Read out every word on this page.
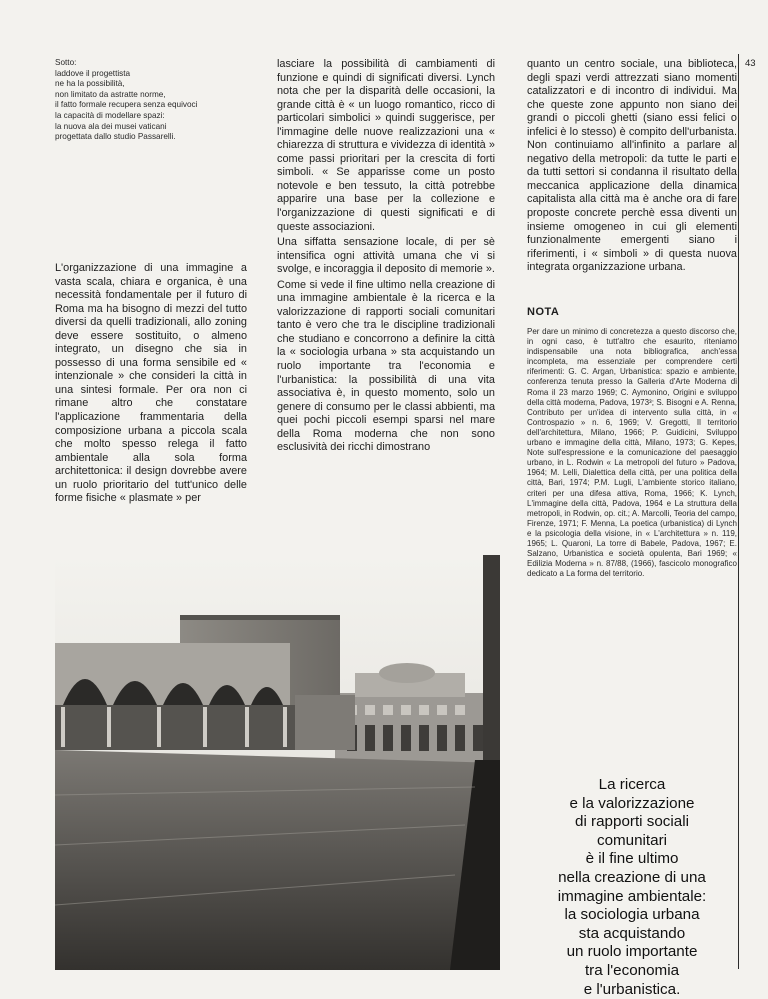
43
Sotto:
laddove il progettista
ne ha la possibilità,
non limitato da astratte norme,
il fatto formale recupera senza equivoci
la capacità di modellare spazi:
la nuova ala dei musei vaticani
progettata dallo studio Passarelli.

L'organizzazione di una immagine a vasta scala, chiara e organica, è una necessità fondamentale per il futuro di Roma ma ha bisogno di mezzi del tutto diversi da quelli tradizionali, allo zoning deve essere sostituito, o almeno integrato, un disegno che sia in possesso di una forma sensibile ed « intenzionale » che consideri la città in una sintesi formale. Per ora non ci rimane altro che constatare l'applicazione frammentaria della composizione urbana a piccola scala che molto spesso relega il fatto ambientale alla sola forma architettonica: il design dovrebbe avere un ruolo prioritario del tutt'unico delle forme fisiche « plasmate » per

lasciare la possibilità di cambiamenti di funzione e quindi di significati diversi. Lynch nota che per la disparità delle occasioni, la grande città è « un luogo romantico, ricco di particolari simbolici » quindi suggerisce, per l'immagine delle nuove realizzazioni una « chiarezza di struttura e vividezza di identità » come passi prioritari per la crescita di forti simboli. « Se apparisse come un posto notevole e ben tessuto, la città potrebbe apparire una base per la collezione e l'organizzazione di questi significati e di queste associazioni.

Una siffatta sensazione locale, di per sè intensifica ogni attività umana che vi si svolge, e incoraggia il deposito di memorie ».

Come si vede il fine ultimo nella creazione di una immagine ambientale è la ricerca e la valorizzazione di rapporti sociali comunitari tanto è vero che tra le discipline tradizionali che studiano e concorrono a definire la città la « sociologia urbana » sta acquistando un ruolo importante tra l'economia e l'urbanistica: la possibilità di una vita associativa è, in questo momento, solo un genere di consumo per le classi abbienti, ma quei pochi piccoli esempi sparsi nel mare della Roma moderna che non sono esclusività dei ricchi dimostrano

quanto un centro sociale, una biblioteca, degli spazi verdi attrezzati siano momenti catalizzatori e di incontro di individui. Ma che queste zone appunto non siano dei grandi o piccoli ghetti (siano essi felici o infelici è lo stesso) è compito dell'urbanista. Non continuiamo all'infinito a parlare al negativo della metropoli: da tutte le parti e da tutti settori si condanna il risultato della meccanica applicazione della dinamica capitalista alla città ma è anche ora di fare proposte concrete perchè essa diventi un insieme omogeneo in cui gli elementi funzionalmente emergenti siano i riferimenti, i « simboli » di questa nuova integrata organizzazione urbana.

NOTA
Per dare un minimo di concretezza a questo discorso che, in ogni caso, è tutt'altro che esaurito, riteniamo indispensabile una nota bibliografica, anch'essa incompleta, ma essenziale per comprendere certi riferimenti: G. C. Argan, Urbanistica: spazio e ambiente, conferenza tenuta presso la Galleria d'Arte Moderna di Roma il 23 marzo 1969; C. Aymonino, Origini e sviluppo della città moderna, Padova, 1973³; S. Bisogni e A. Renna, Contributo per un'idea di intervento sulla città, in « Controspazio » n. 6, 1969; V. Gregotti, Il territorio dell'architettura, Milano, 1966; P. Guidicini, Sviluppo urbano e immagine della città, Milano, 1973; G. Kepes, Note sull'espressione e la comunicazione del paesaggio urbano, in L. Rodwin « La metropoli del futuro » Padova, 1964; M. Lelli, Dialettica della città, per una politica della città, Bari, 1974; P.M. Lugli, L'ambiente storico italiano, criteri per una difesa attiva, Roma, 1966; K. Lynch, L'immagine della città, Padova, 1964 e La struttura della metropoli, in Rodwin, op. cit.; A. Marcolli, Teoria del campo, Firenze, 1971; F. Menna, La poetica (urbanistica) di Lynch e la psicologia della visione, in « L'architettura » n. 119, 1965; L. Quaroni, La torre di Babele, Padova, 1967; E. Salzano, Urbanistica e società opulenta, Bari 1969; « Edilizia Moderna » n. 87/88, (1966), fascicolo monografico dedicato a La forma del territorio.
La ricerca
e la valorizzazione
di rapporti sociali
comunitari
è il fine ultimo
nella creazione di una
immagine ambientale:
la sociologia urbana
sta acquistando
un ruolo importante
tra l'economia
e l'urbanistica.
